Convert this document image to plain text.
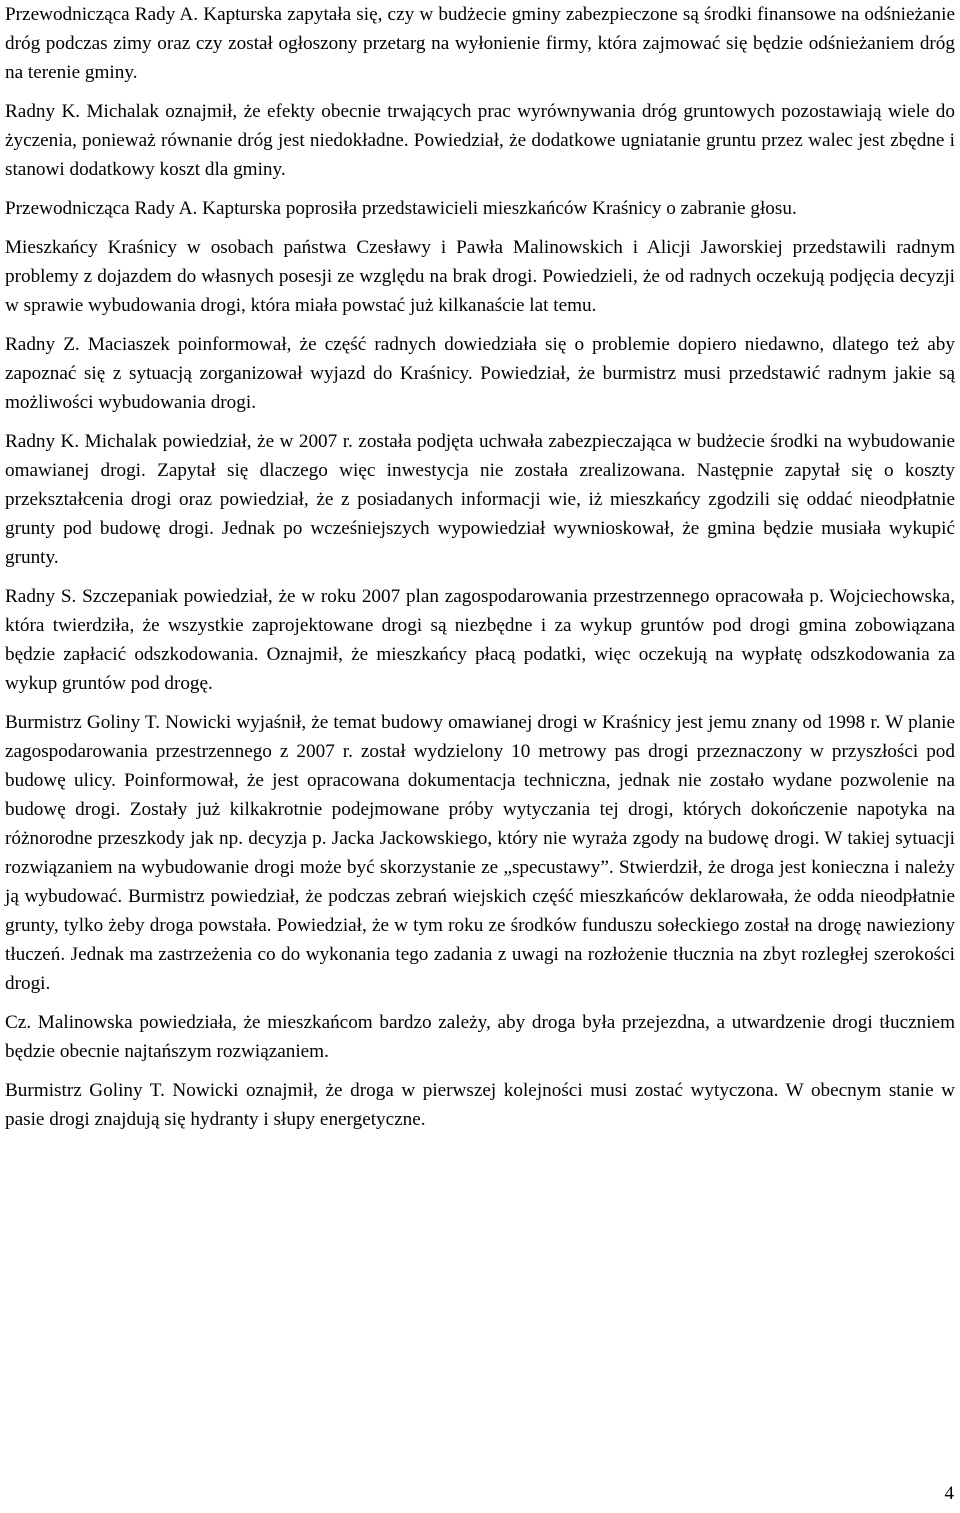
Przewodnicząca Rady A. Kapturska zapytała się, czy w budżecie gminy zabezpieczone są środki finansowe na odśnieżanie dróg podczas zimy oraz czy został ogłoszony przetarg na wyłonienie firmy, która zajmować się będzie odśnieżaniem dróg na terenie gminy.

Radny K. Michalak oznajmił, że efekty obecnie trwających prac wyrównywania dróg gruntowych pozostawiają wiele do życzenia, ponieważ równanie dróg jest niedokładne. Powiedział, że dodatkowe ugniatanie gruntu przez walec jest zbędne i stanowi dodatkowy koszt dla gminy.

Przewodnicząca Rady A. Kapturska poprosiła przedstawicieli mieszkańców Kraśnicy o zabranie głosu.

Mieszkańcy Kraśnicy w osobach państwa Czesławy i Pawła Malinowskich i Alicji Jaworskiej przedstawili radnym problemy z dojazdem do własnych posesji ze względu na brak drogi. Powiedzieli, że od radnych oczekują podjęcia decyzji w sprawie wybudowania drogi, która miała powstać już kilkanaście lat temu.

Radny Z. Maciaszek poinformował, że część radnych dowiedziała się o problemie dopiero niedawno, dlatego też aby zapoznać się z sytuacją zorganizował wyjazd do Kraśnicy. Powiedział, że burmistrz musi przedstawić radnym jakie są możliwości wybudowania drogi.

Radny K. Michalak powiedział, że w 2007 r. została podjęta uchwała zabezpieczająca w budżecie środki na wybudowanie omawianej drogi. Zapytał się dlaczego więc inwestycja nie została zrealizowana. Następnie zapytał się o koszty przekształcenia drogi oraz powiedział, że z posiadanych informacji wie, iż mieszkańcy zgodzili się oddać nieodpłatnie grunty pod budowę drogi. Jednak po wcześniejszych wypowiedział wywnioskował, że gmina będzie musiała wykupić grunty.

Radny S. Szczepaniak powiedział, że w roku 2007 plan zagospodarowania przestrzennego opracowała p. Wojciechowska, która twierdziła, że wszystkie zaprojektowane drogi są niezbędne i za wykup gruntów pod drogi gmina zobowiązana będzie zapłacić odszkodowania. Oznajmił, że mieszkańcy płacą podatki, więc oczekują na wypłatę odszkodowania za wykup gruntów pod drogę.

Burmistrz Goliny T. Nowicki wyjaśnił, że temat budowy omawianej drogi w Kraśnicy jest jemu znany od 1998 r. W planie zagospodarowania przestrzennego z 2007 r. został wydzielony 10 metrowy pas drogi przeznaczony w przyszłości pod budowę ulicy. Poinformował, że jest opracowana dokumentacja techniczna, jednak nie zostało wydane pozwolenie na budowę drogi. Zostały już kilkakrotnie podejmowane próby wytyczania tej drogi, których dokończenie napotyka na różnorodne przeszkody jak np. decyzja p. Jacka Jackowskiego, który nie wyraża zgody na budowę drogi. W takiej sytuacji rozwiązaniem na wybudowanie drogi może być skorzystanie ze „specustawy”. Stwierdził, że droga jest konieczna i należy ją wybudować. Burmistrz powiedział, że podczas zebrań wiejskich część mieszkańców deklarowała, że odda nieodpłatnie grunty, tylko żeby droga powstała. Powiedział, że w tym roku ze środków funduszu sołeckiego został na drogę nawieziony tłuczeń. Jednak ma zastrzeżenia co do wykonania tego zadania z uwagi na rozłożenie tłucznia na zbyt rozległej szerokości drogi.

Cz. Malinowska powiedziała, że mieszkańcom bardzo zależy, aby droga była przejezdna, a utwardzenie drogi tłuczniem będzie obecnie najtańszym rozwiązaniem.

Burmistrz Goliny T. Nowicki oznajmił, że droga w pierwszej kolejności musi zostać wytyczona. W obecnym stanie w pasie drogi znajdują się hydranty i słupy energetyczne.

4
